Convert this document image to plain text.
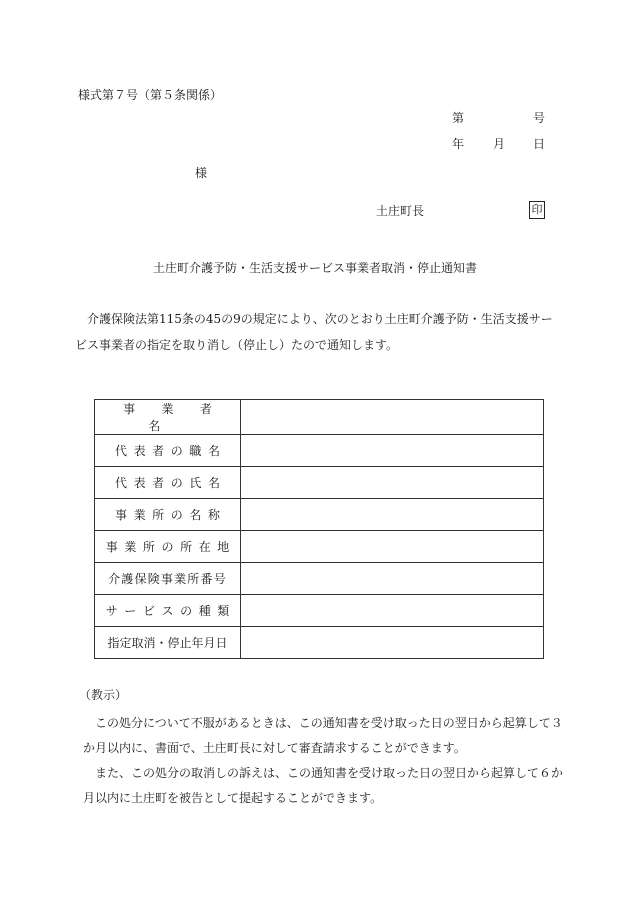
様式第７号（第５条関係）
第	号
年 月 日
様
土庄町長	印
土庄町介護予防・生活支援サービス事業者取消・停止通知書
介護保険法第115条の45の9の規定により、次のとおり土庄町介護予防・生活支援サービス事業者の指定を取り消し（停止し）たので通知します。
事業者名	
代表者の職名	
代表者の氏名	
事業所の名称	
事業所の所在地	
介護保険事業所番号	
サービスの種類	
指定取消・停止年月日	
（教示）
この処分について不服があるときは、この通知書を受け取った日の翌日から起算して３か月以内に、書面で、土庄町長に対して審査請求することができます。
また、この処分の取消しの訴えは、この通知書を受け取った日の翌日から起算して６か月以内に土庄町を被告として提起することができます。
